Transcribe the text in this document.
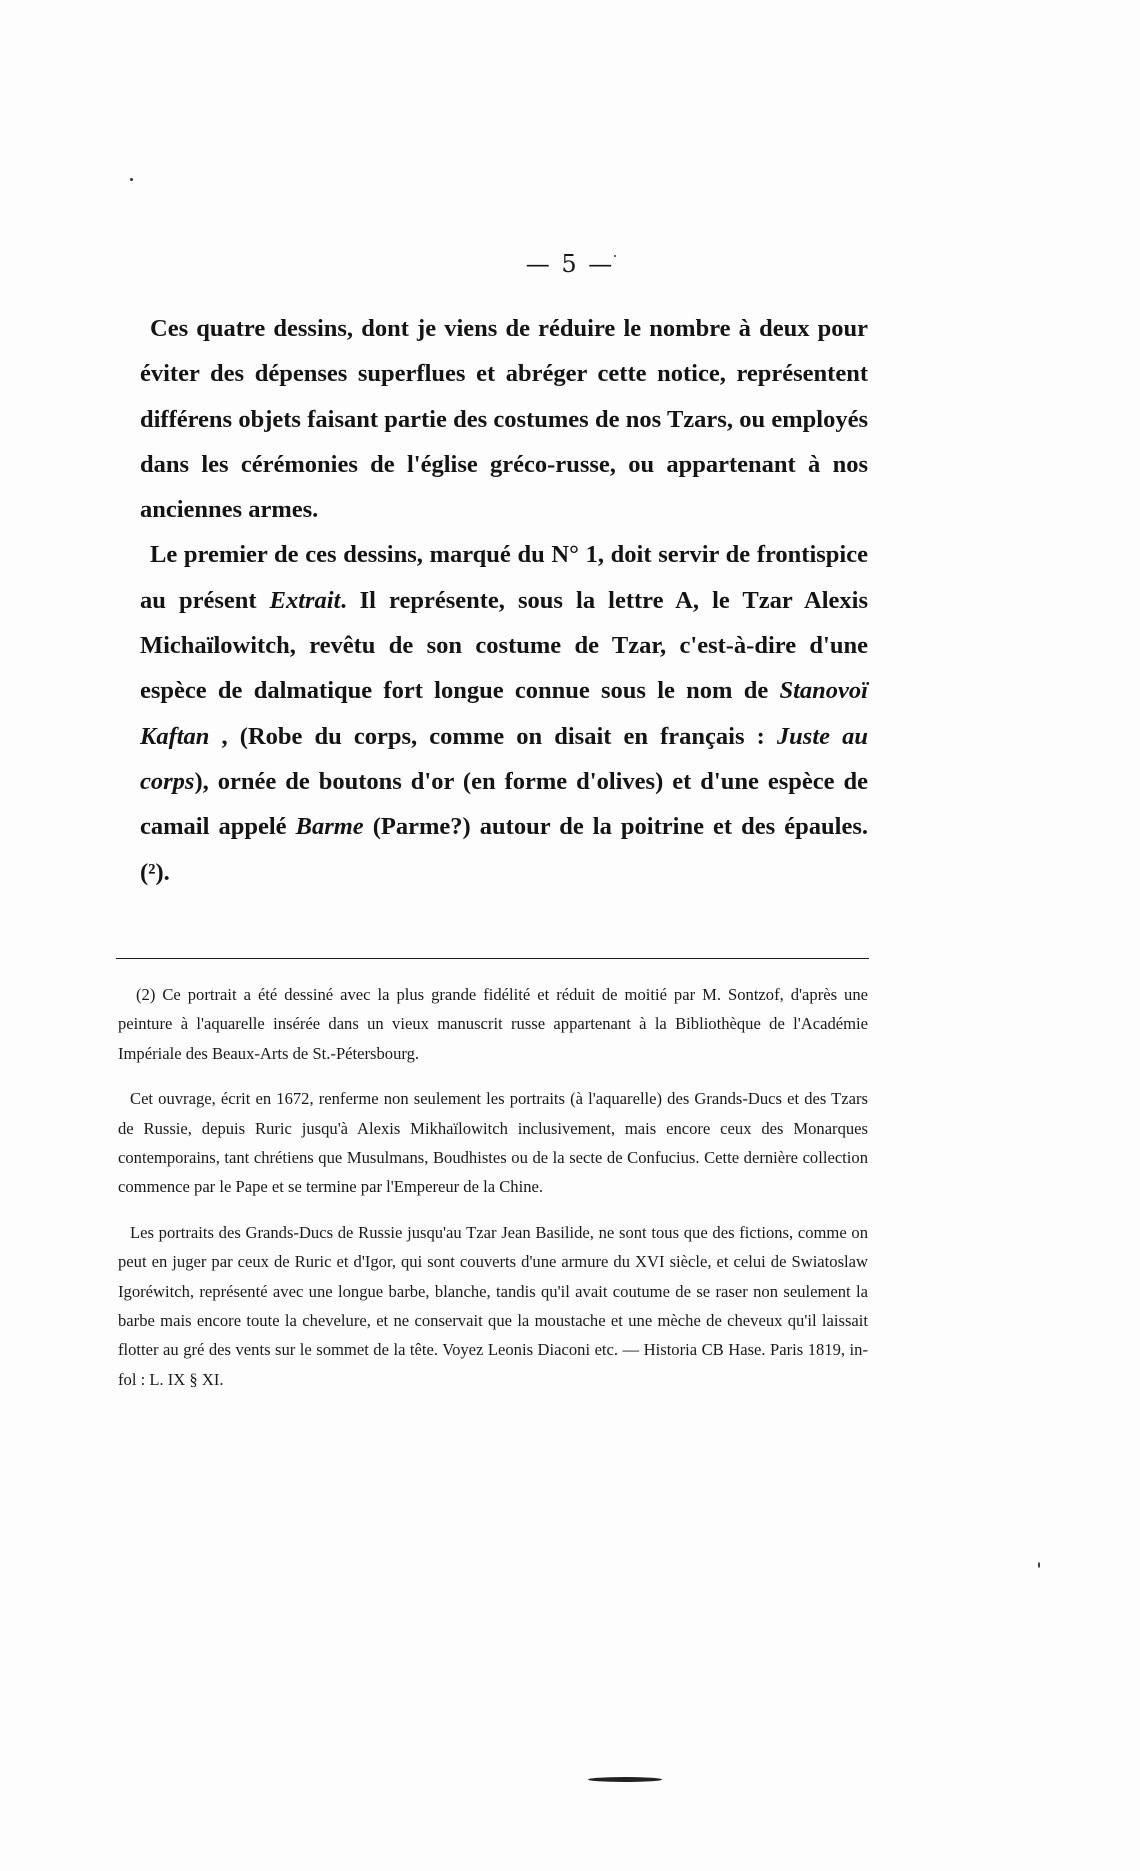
— 5 —

Ces quatre dessins, dont je viens de réduire le nombre à deux pour éviter des dépenses superflues et abréger cette notice, représentent différens objets faisant partie des costumes de nos Tzars, ou employés dans les cérémonies de l'église gréco-russe, ou appartenant à nos anciennes armes.

Le premier de ces dessins, marqué du N° 1, doit servir de frontispice au présent Extrait. Il représente, sous la lettre A, le Tzar Alexis Michaïlowitch, revêtu de son costume de Tzar, c'est-à-dire d'une espèce de dalmatique fort longue connue sous le nom de Stanovoï Kaftan , (Robe du corps, comme on disait en français : Juste au corps), ornée de boutons d'or (en forme d'olives) et d'une espèce de camail appelé Barme (Parme?) autour de la poitrine et des épaules. (²).

(2) Ce portrait a été dessiné avec la plus grande fidélité et réduit de moitié par M. Sontzof, d'après une peinture à l'aquarelle insérée dans un vieux manuscrit russe appartenant à la Bibliothèque de l'Académie Impériale des Beaux-Arts de St.-Pétersbourg.

Cet ouvrage, écrit en 1672, renferme non seulement les portraits (à l'aquarelle) des Grands-Ducs et des Tzars de Russie, depuis Ruric jusqu'à Alexis Mikhaïlowitch inclusivement, mais encore ceux des Monarques contemporains, tant chrétiens que Musulmans, Boudhistes ou de la secte de Confucius. Cette dernière collection commence par le Pape et se termine par l'Empereur de la Chine.

Les portraits des Grands-Ducs de Russie jusqu'au Tzar Jean Basilide, ne sont tous que des fictions, comme on peut en juger par ceux de Ruric et d'Igor, qui sont couverts d'une armure du XVI siècle, et celui de Swiatoslaw Igoréwitch, représenté avec une longue barbe, blanche, tandis qu'il avait coutume de se raser non seulement la barbe mais encore toute la chevelure, et ne conservait que la moustache et une mèche de cheveux qu'il laissait flotter au gré des vents sur le sommet de la tête. Voyez Leonis Diaconi etc. — Historia CB Hase. Paris 1819, in-fol : L. IX § XI.
